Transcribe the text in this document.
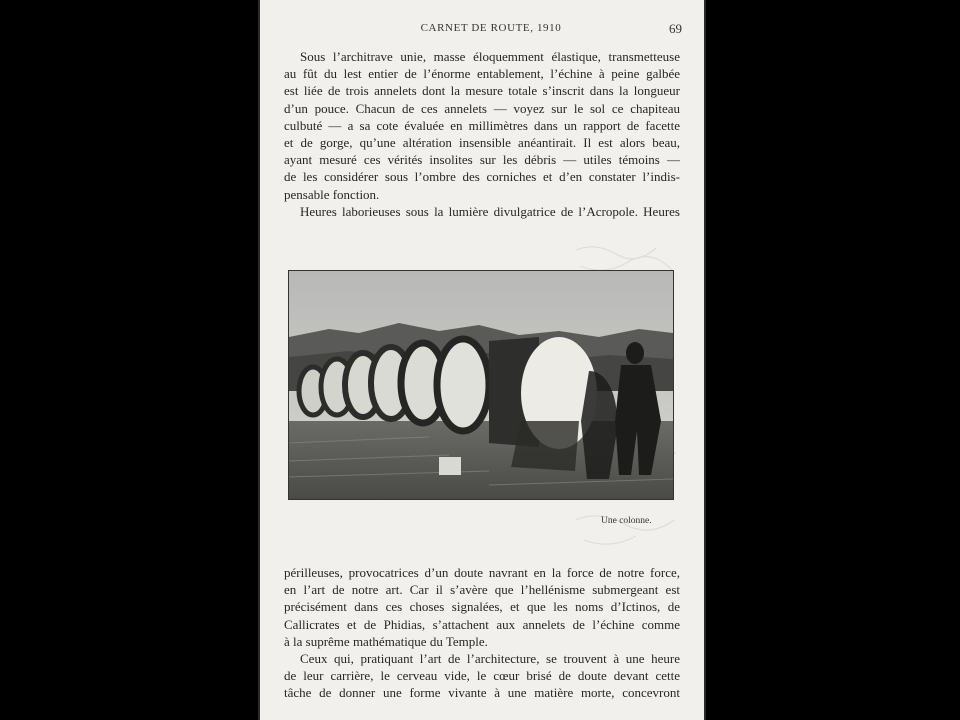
CARNET DE ROUTE, 1910	69
Sous l’architrave unie, masse éloquemment élastique, transmetteuse
au fût du lest entier de l’énorme entablement, l’échine à peine galbée
est liée de trois annelets dont la mesure totale s’inscrit dans la longueur
d’un pouce. Chacun de ces annelets — voyez sur le sol ce chapiteau
culbuté — a sa cote évaluée en millimètres dans un rapport de facette
et de gorge, qu’une altération insensible anéantirait. Il est alors beau,
ayant mesuré ces vérités insolites sur les débris — utiles témoins —
de les considérer sous l’ombre des corniches et d’en constater l’indis-
pensable fonction.
Heures laborieuses sous la lumière divulgatrice de l’Acropole. Heures
Une colonne.
périlleuses, provocatrices d’un doute navrant en la force de notre force,
en l’art de notre art. Car il s’avère que l’hellénisme submergeant est
précisément dans ces choses signalées, et que les noms d’Ictinos, de
Callicrates et de Phidias, s’attachent aux annelets de l’échine comme
à la suprême mathématique du Temple.
Ceux qui, pratiquant l’art de l’architecture, se trouvent à une heure
de leur carrière, le cerveau vide, le cœur brisé de doute devant cette
tâche de donner une forme vivante à une matière morte, concevront
